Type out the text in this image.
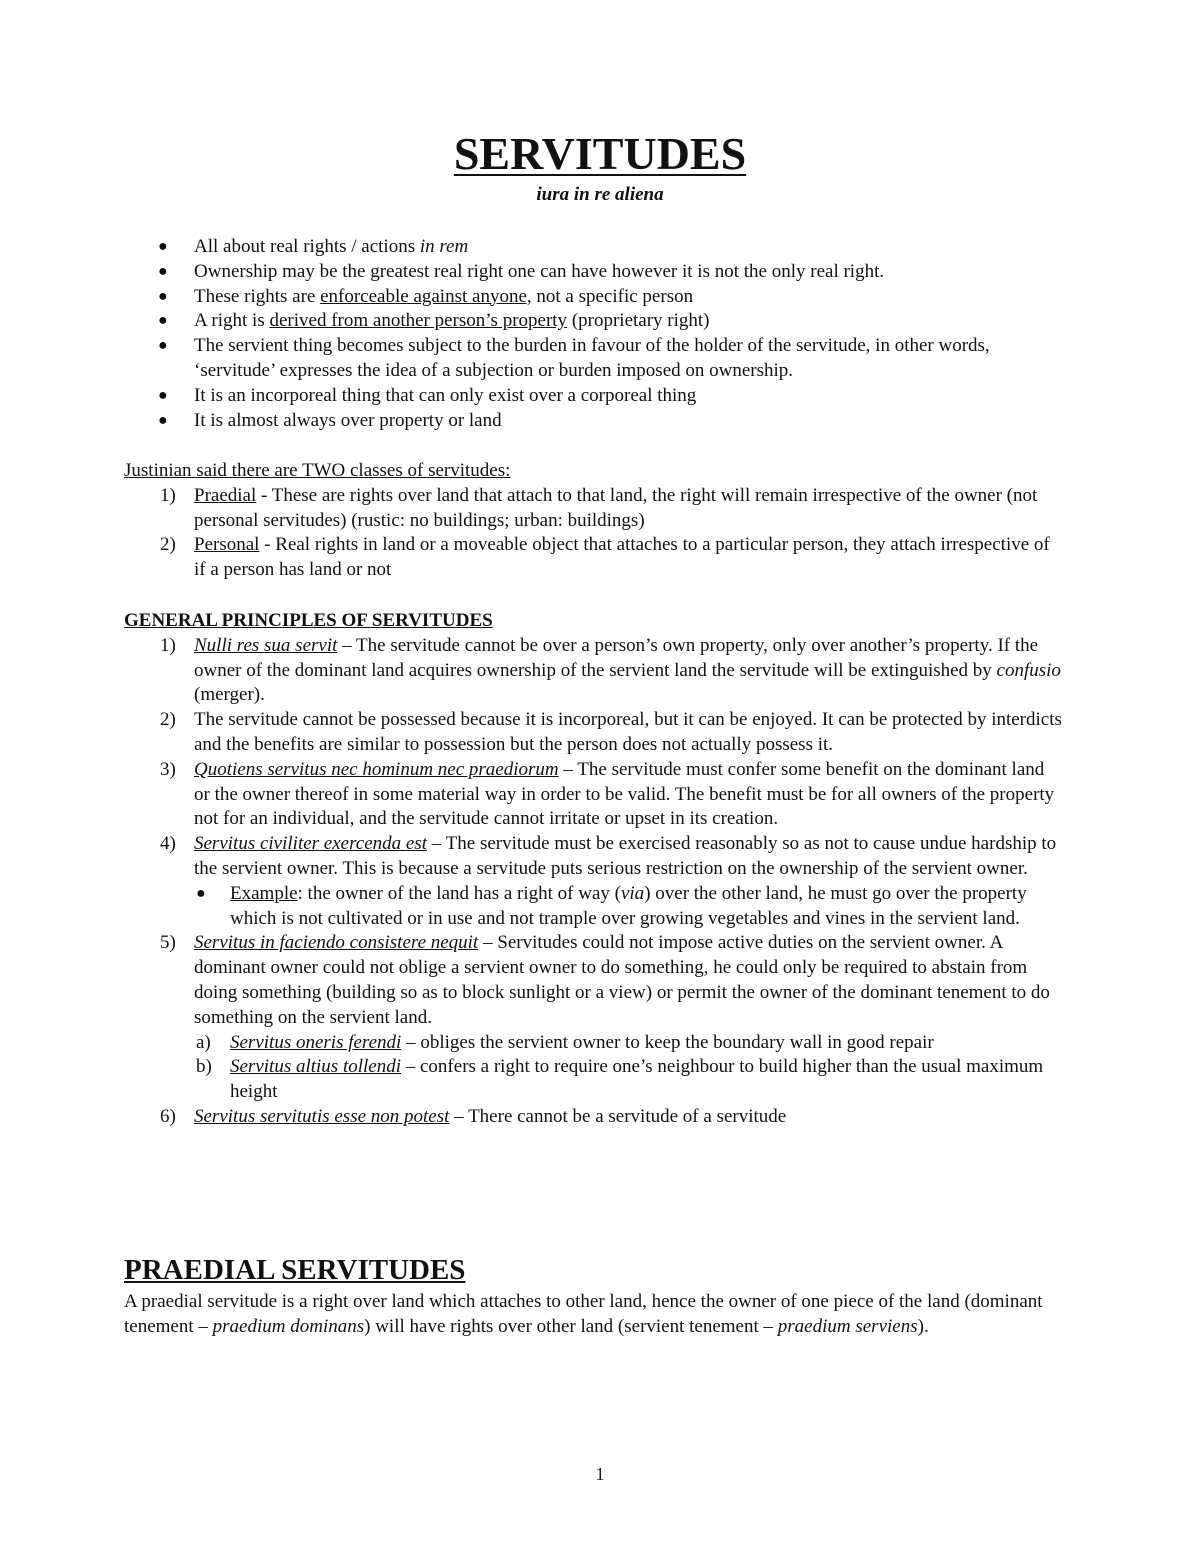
SERVITUDES
iura in re aliena
● All about real rights / actions in rem
● Ownership may be the greatest real right one can have however it is not the only real right.
● These rights are enforceable against anyone, not a specific person
● A right is derived from another person’s property (proprietary right)
● The servient thing becomes subject to the burden in favour of the holder of the servitude, in other words, ‘servitude’ expresses the idea of a subjection or burden imposed on ownership.
● It is an incorporeal thing that can only exist over a corporeal thing
● It is almost always over property or land
Justinian said there are TWO classes of servitudes:
1) Praedial - These are rights over land that attach to that land, the right will remain irrespective of the owner (not personal servitudes) (rustic: no buildings; urban: buildings)
2) Personal - Real rights in land or a moveable object that attaches to a particular person, they attach irrespective of if a person has land or not
GENERAL PRINCIPLES OF SERVITUDES
1) Nulli res sua servit – The servitude cannot be over a person’s own property, only over another’s property. If the owner of the dominant land acquires ownership of the servient land the servitude will be extinguished by confusio (merger).
2) The servitude cannot be possessed because it is incorporeal, but it can be enjoyed. It can be protected by interdicts and the benefits are similar to possession but the person does not actually possess it.
3) Quotiens servitus nec hominum nec praediorum – The servitude must confer some benefit on the dominant land or the owner thereof in some material way in order to be valid. The benefit must be for all owners of the property not for an individual, and the servitude cannot irritate or upset in its creation.
4) Servitus civiliter exercenda est – The servitude must be exercised reasonably so as not to cause undue hardship to the servient owner. This is because a servitude puts serious restriction on the ownership of the servient owner.
● Example: the owner of the land has a right of way (via) over the other land, he must go over the property which is not cultivated or in use and not trample over growing vegetables and vines in the servient land.
5) Servitus in faciendo consistere nequit – Servitudes could not impose active duties on the servient owner. A dominant owner could not oblige a servient owner to do something, he could only be required to abstain from doing something (building so as to block sunlight or a view) or permit the owner of the dominant tenement to do something on the servient land.
a) Servitus oneris ferendi – obliges the servient owner to keep the boundary wall in good repair
b) Servitus altius tollendi – confers a right to require one’s neighbour to build higher than the usual maximum height
6) Servitus servitutis esse non potest – There cannot be a servitude of a servitude
PRAEDIAL SERVITUDES
A praedial servitude is a right over land which attaches to other land, hence the owner of one piece of the land (dominant tenement – praedium dominans) will have rights over other land (servient tenement – praedium serviens).
1
